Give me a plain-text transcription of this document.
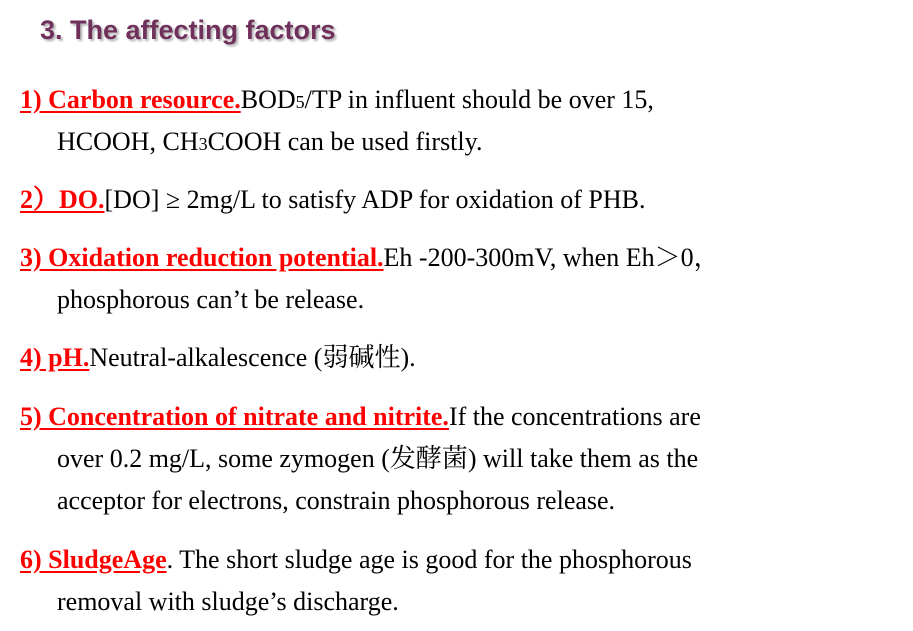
3. The affecting factors
1) Carbon resource.BOD5/TP in influent should be over 15,
HCOOH, CH3COOH can be used firstly.
2）DO.[DO] ≥ 2mg/L to satisfy ADP for oxidation of PHB.
3) Oxidation reduction potential.Eh -200-300mV, when Eh＞0，
phosphorous can’t be release.
4) pH.Neutral-alkalescence (弱碱性).
5) Concentration of nitrate and nitrite.If the concentrations are
over 0.2 mg/L, some zymogen (发酵菌) will take them as the
acceptor for electrons, constrain phosphorous release.
6) SludgeAge. The short sludge age is good for the phosphorous
removal with sludge’s discharge.
